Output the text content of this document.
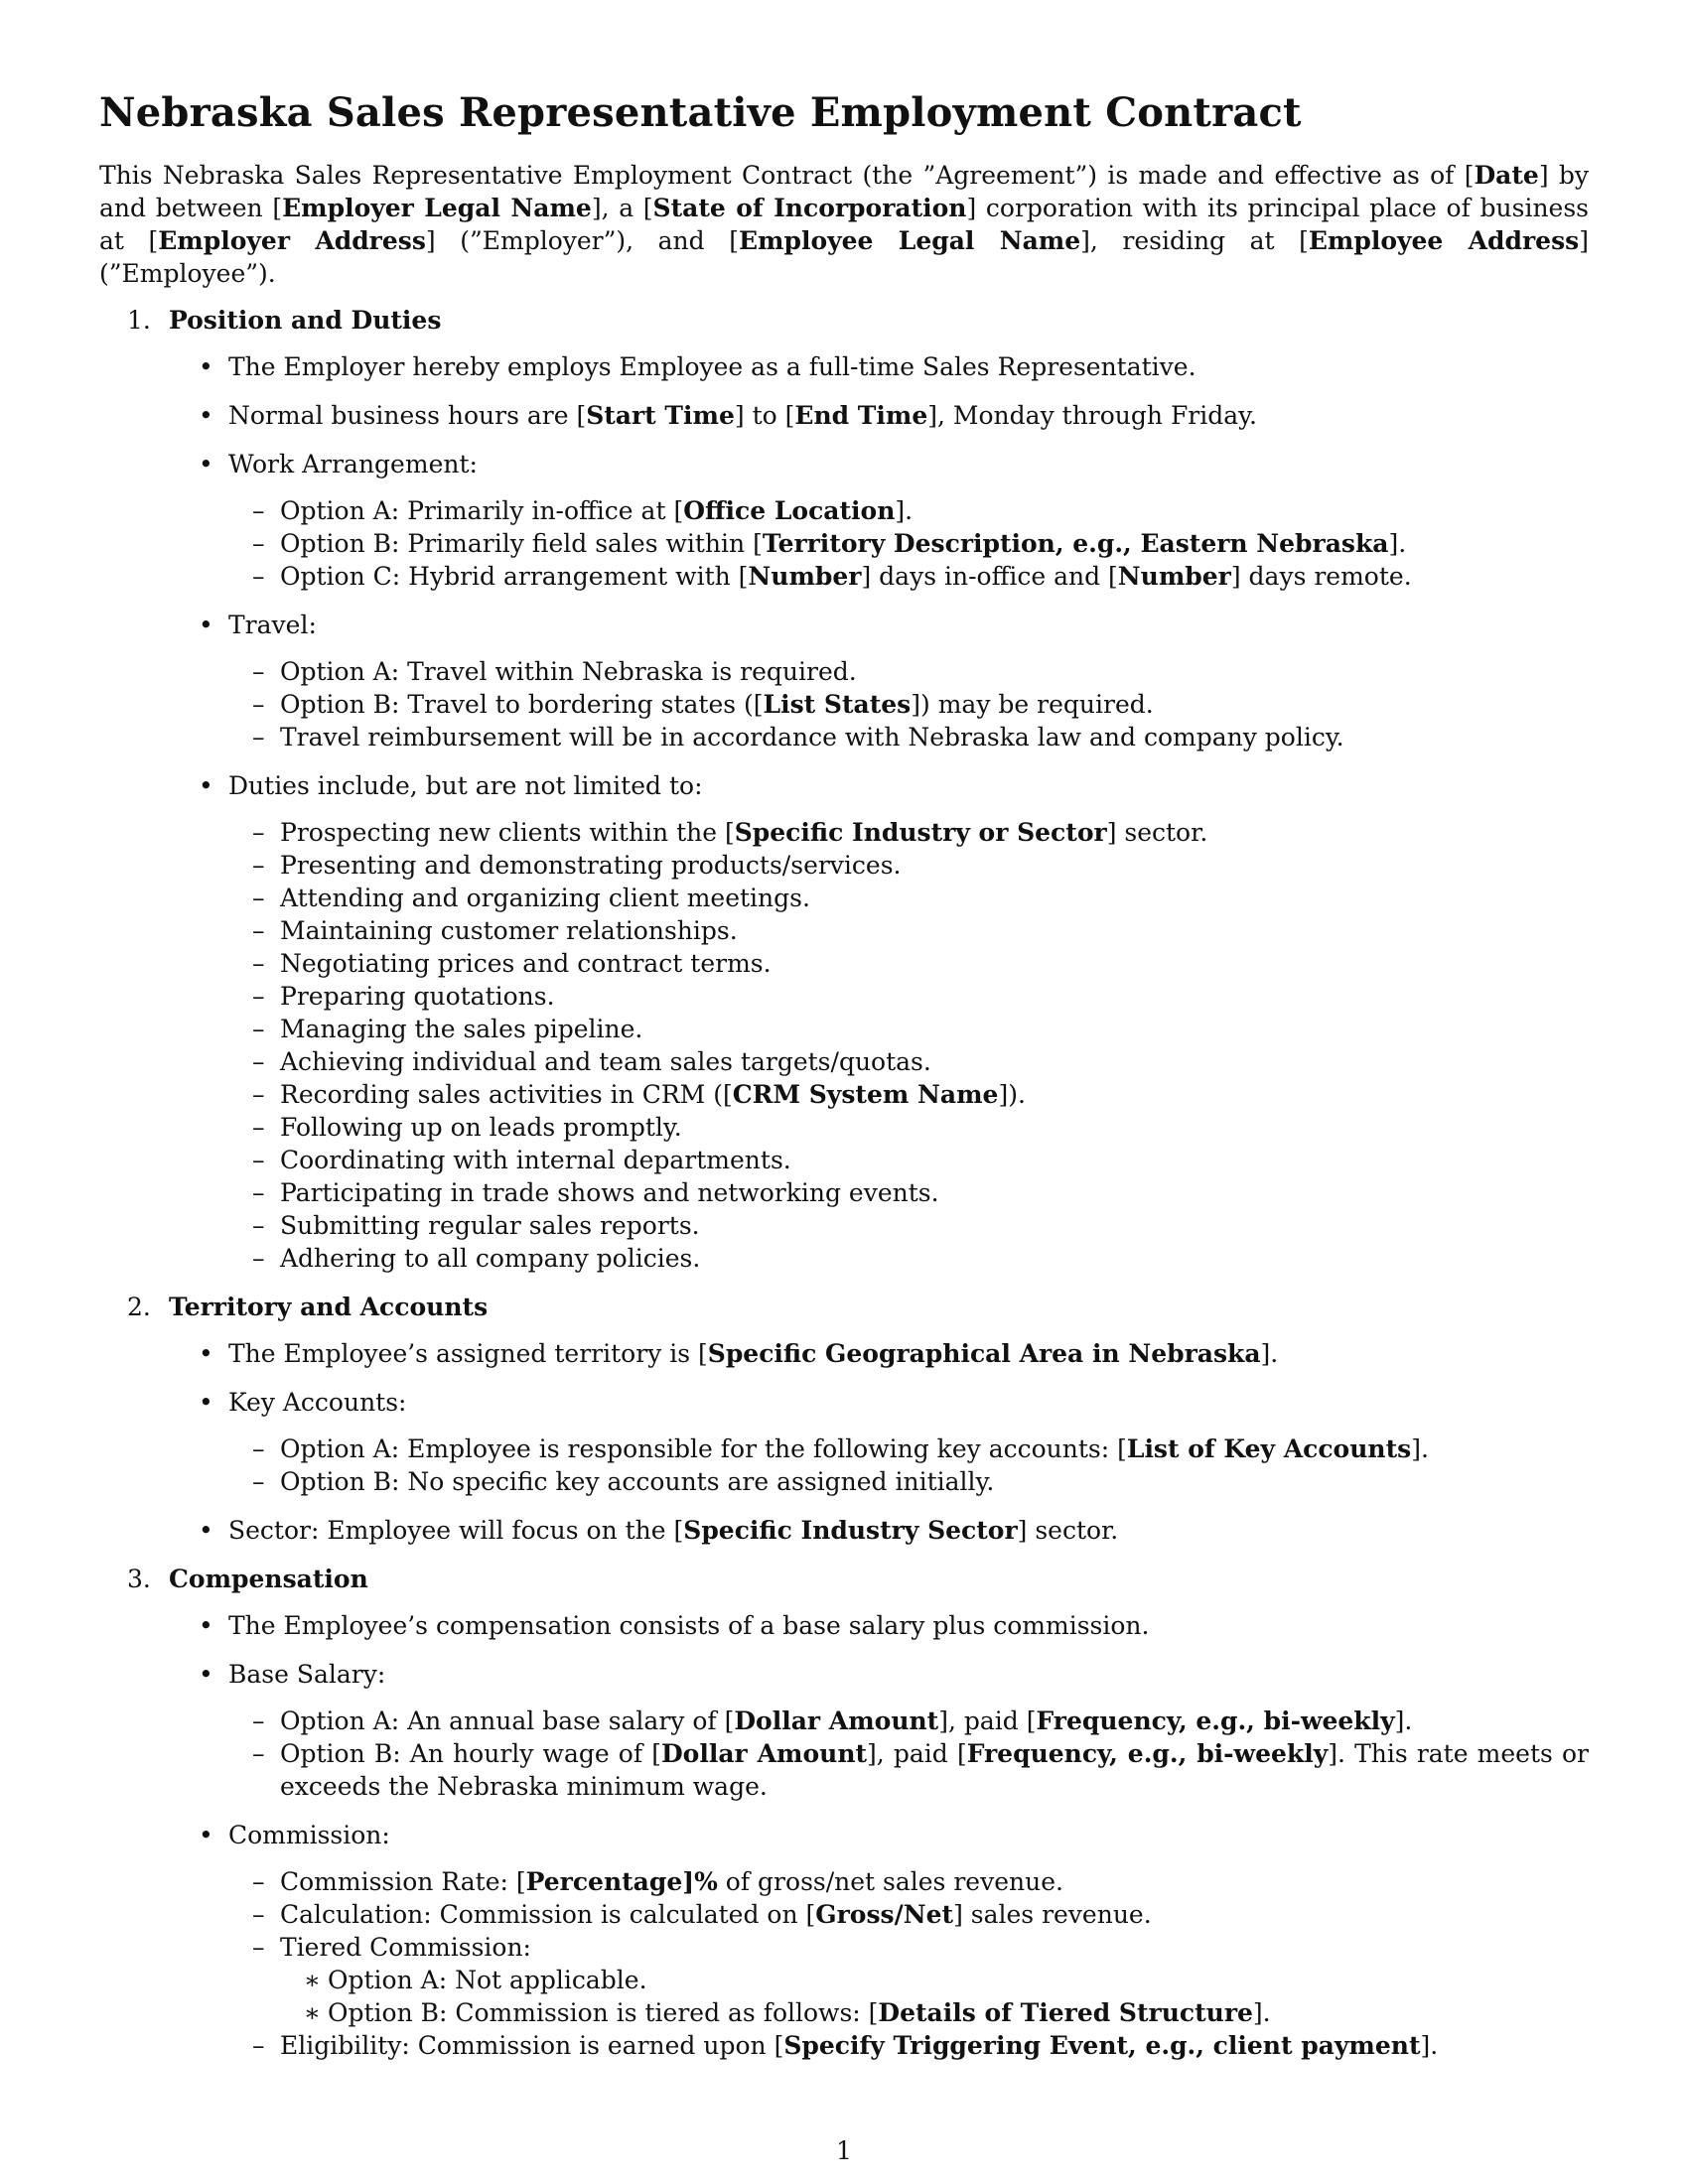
Nebraska Sales Representative Employment Contract

This Nebraska Sales Representative Employment Contract (the ”Agreement”) is made and effective as of [Date] by and between [Employer Legal Name], a [State of Incorporation] corporation with its principal place of business at [Employer Address] (”Employer”), and [Employee Legal Name], residing at [Employee Address] (”Employee”).

1. Position and Duties
• The Employer hereby employs Employee as a full-time Sales Representative.
• Normal business hours are [Start Time] to [End Time], Monday through Friday.
• Work Arrangement:
– Option A: Primarily in-office at [Office Location].
– Option B: Primarily field sales within [Territory Description, e.g., Eastern Nebraska].
– Option C: Hybrid arrangement with [Number] days in-office and [Number] days remote.
• Travel:
– Option A: Travel within Nebraska is required.
– Option B: Travel to bordering states ([List States]) may be required.
– Travel reimbursement will be in accordance with Nebraska law and company policy.
• Duties include, but are not limited to:
– Prospecting new clients within the [Specific Industry or Sector] sector.
– Presenting and demonstrating products/services.
– Attending and organizing client meetings.
– Maintaining customer relationships.
– Negotiating prices and contract terms.
– Preparing quotations.
– Managing the sales pipeline.
– Achieving individual and team sales targets/quotas.
– Recording sales activities in CRM ([CRM System Name]).
– Following up on leads promptly.
– Coordinating with internal departments.
– Participating in trade shows and networking events.
– Submitting regular sales reports.
– Adhering to all company policies.
2. Territory and Accounts
• The Employee’s assigned territory is [Specific Geographical Area in Nebraska].
• Key Accounts:
– Option A: Employee is responsible for the following key accounts: [List of Key Accounts].
– Option B: No specific key accounts are assigned initially.
• Sector: Employee will focus on the [Specific Industry Sector] sector.
3. Compensation
• The Employee’s compensation consists of a base salary plus commission.
• Base Salary:
– Option A: An annual base salary of [Dollar Amount], paid [Frequency, e.g., bi-weekly].
– Option B: An hourly wage of [Dollar Amount], paid [Frequency, e.g., bi-weekly]. This rate meets or exceeds the Nebraska minimum wage.
• Commission:
– Commission Rate: [Percentage]% of gross/net sales revenue.
– Calculation: Commission is calculated on [Gross/Net] sales revenue.
– Tiered Commission:
∗ Option A: Not applicable.
∗ Option B: Commission is tiered as follows: [Details of Tiered Structure].
– Eligibility: Commission is earned upon [Specify Triggering Event, e.g., client payment].
1
